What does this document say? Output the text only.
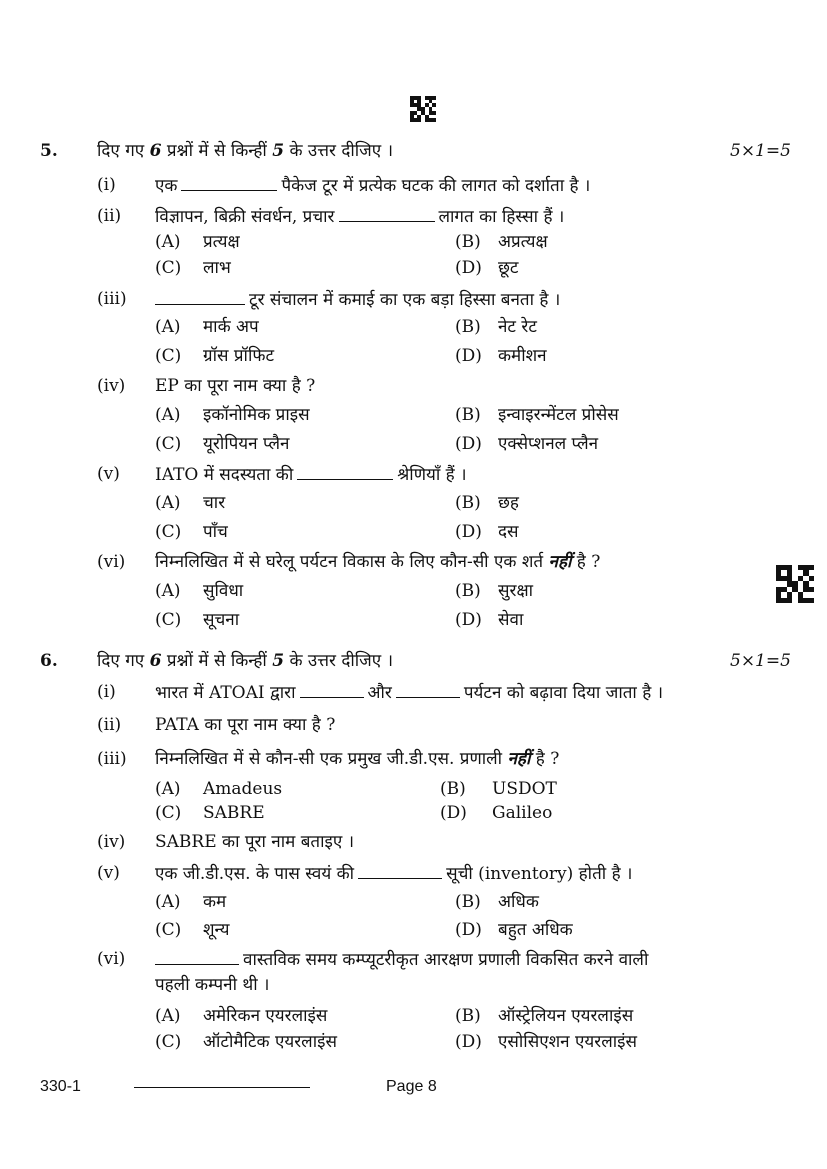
5. दिए गए 6 प्रश्नों में से किन्हीं 5 के उत्तर दीजिए ।	5×1=5
(i) एक	पैकेज टूर में प्रत्येक घटक की लागत को दर्शाता है ।
(ii) विज्ञापन, बिक्री संवर्धन, प्रचार	लागत का हिस्सा हैं ।
(A) प्रत्यक्ष	(B) अप्रत्यक्ष
(C) लाभ	(D) छूट
(iii)	टूर संचालन में कमाई का एक बड़ा हिस्सा बनता है ।
(A) मार्क अप	(B) नेट रेट
(C) ग्रॉस प्रॉफिट	(D) कमीशन
(iv) EP का पूरा नाम क्या है ?
(A) इकॉनोमिक प्राइस	(B) इन्वाइरन्मेंटल प्रोसेस
(C) यूरोपियन प्लैन	(D) एक्सेप्शनल प्लैन
(v) IATO में सदस्यता की	श्रेणियाँ हैं ।
(A) चार	(B) छह
(C) पाँच	(D) दस
(vi) निम्नलिखित में से घरेलू पर्यटन विकास के लिए कौन-सी एक शर्त नहीं है ?
(A) सुविधा	(B) सुरक्षा
(C) सूचना	(D) सेवा
6. दिए गए 6 प्रश्नों में से किन्हीं 5 के उत्तर दीजिए ।	5×1=5
(i) भारत में ATOAI द्वारा	और	पर्यटन को बढ़ावा दिया जाता है ।
(ii) PATA का पूरा नाम क्या है ?
(iii) निम्नलिखित में से कौन-सी एक प्रमुख जी.डी.एस. प्रणाली नहीं है ?
(A) Amadeus	(B) USDOT
(C) SABRE	(D) Galileo
(iv) SABRE का पूरा नाम बताइए ।
(v) एक जी.डी.एस. के पास स्वयं की	सूची (inventory) होती है ।
(A) कम	(B) अधिक
(C) शून्य	(D) बहुत अधिक
(vi)	वास्तविक समय कम्प्यूटरीकृत आरक्षण प्रणाली विकसित करने वाली
पहली कम्पनी थी ।
(A) अमेरिकन एयरलाइंस	(B) ऑस्ट्रेलियन एयरलाइंस
(C) ऑटोमैटिक एयरलाइंस	(D) एसोसिएशन एयरलाइंस
330-1	Page 8
